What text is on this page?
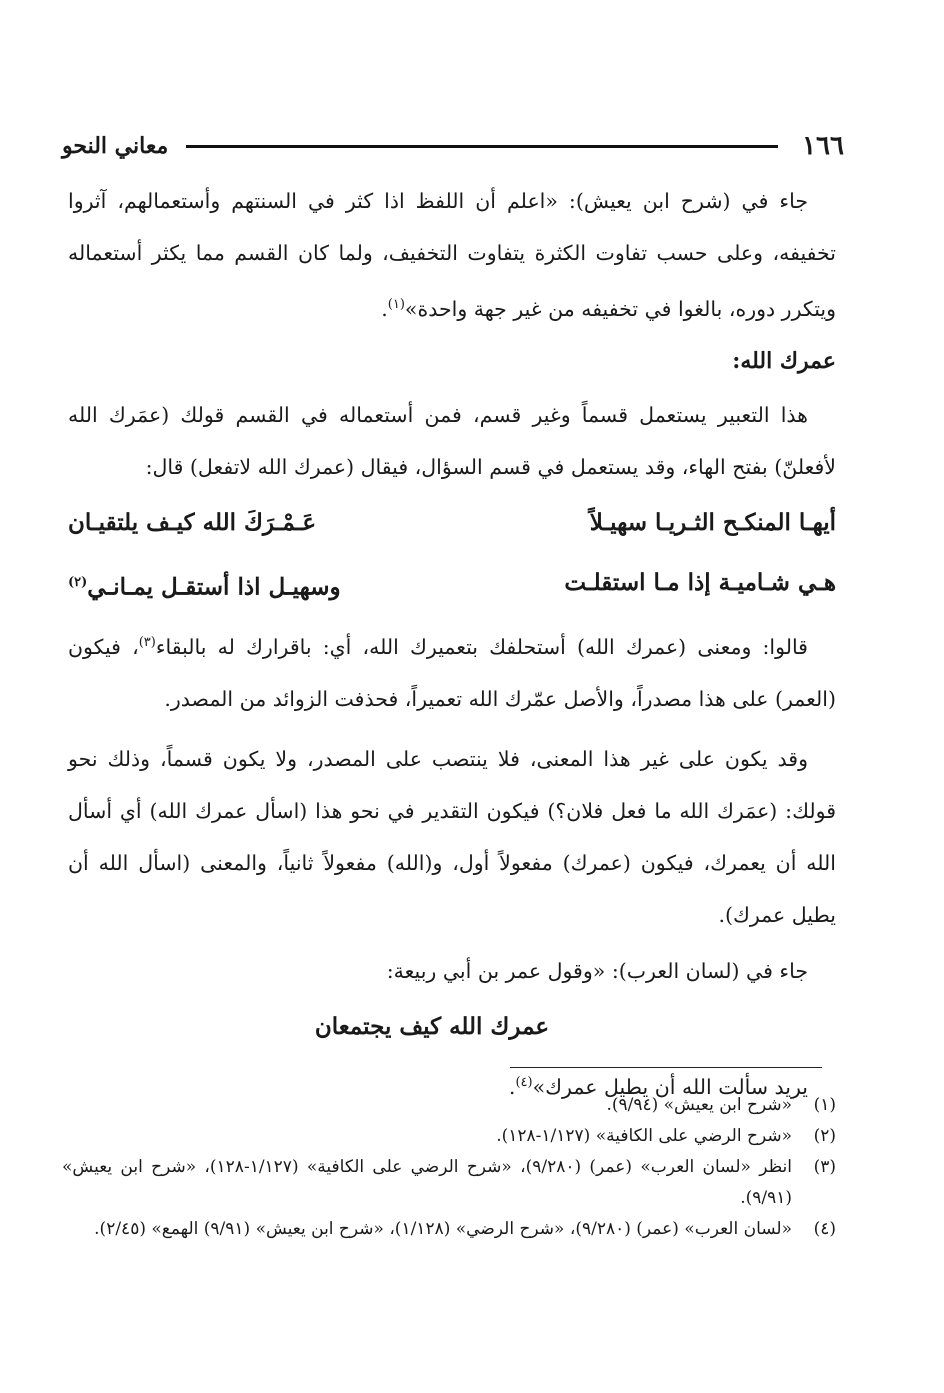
١٦٦
معاني النحو

جاء في (شرح ابن يعيش): «اعلم أن اللفظ اذا كثر في السنتهم وأستعمالهم، آثروا تخفيفه، وعلى حسب تفاوت الكثرة يتفاوت التخفيف، ولما كان القسم مما يكثر أستعماله ويتكرر دوره، بالغوا في تخفيفه من غير جهة واحدة»$^{(١)}$.

عمرك الله:

هذا التعبير يستعمل قسماً وغير قسم، فمن أستعماله في القسم قولك (عمَرك الله لأفعلنّ) بفتح الهاء، وقد يستعمل في قسم السؤال، فيقال (عمرك الله لاتفعل) قال:

أيهـا المنكـح الثـريـا سهيـلاً
عَـمْـرَكَ الله كيـف يلتقيـان
هـي شـاميـة إذا مـا استقلـت
وسهيـل اذا أستقـل يمـانـي$^{(٢)}$

قالوا: ومعنى (عمرك الله) أستحلفك بتعميرك الله، أي: باقرارك له بالبقاء$^{(٣)}$، فيكون (العمر) على هذا مصدراً، والأصل عمّرك الله تعميراً، فحذفت الزوائد من المصدر.

وقد يكون على غير هذا المعنى، فلا ينتصب على المصدر، ولا يكون قسماً، وذلك نحو قولك: (عمَرك الله ما فعل فلان؟) فيكون التقدير في نحو هذا (اسأل عمرك الله) أي أسأل الله أن يعمرك، فيكون (عمرك) مفعولاً أول، و(الله) مفعولاً ثانياً، والمعنى (اسأل الله أن يطيل عمرك).

جاء في (لسان العرب): «وقول عمر بن أبي ربيعة:

عمرك الله كيف يجتمعان
يريد سألت الله أن يطيل عمرك»$^{(٤)}$.
(١)
«شرح ابن يعيش» (٩/٩٤).
(٢)
«شرح الرضي على الكافية» (١/١٢٧-١٢٨).
(٣)
انظر «لسان العرب» (عمر) (٩/٢٨٠)، «شرح الرضي على الكافية» (١/١٢٧-١٢٨)، «شرح ابن يعيش» (٩/٩١).
(٤)
«لسان العرب» (عمر) (٩/٢٨٠)، «شرح الرضي» (١/١٢٨)، «شرح ابن يعيش» (٩/٩١) الهمع» (٢/٤٥).
